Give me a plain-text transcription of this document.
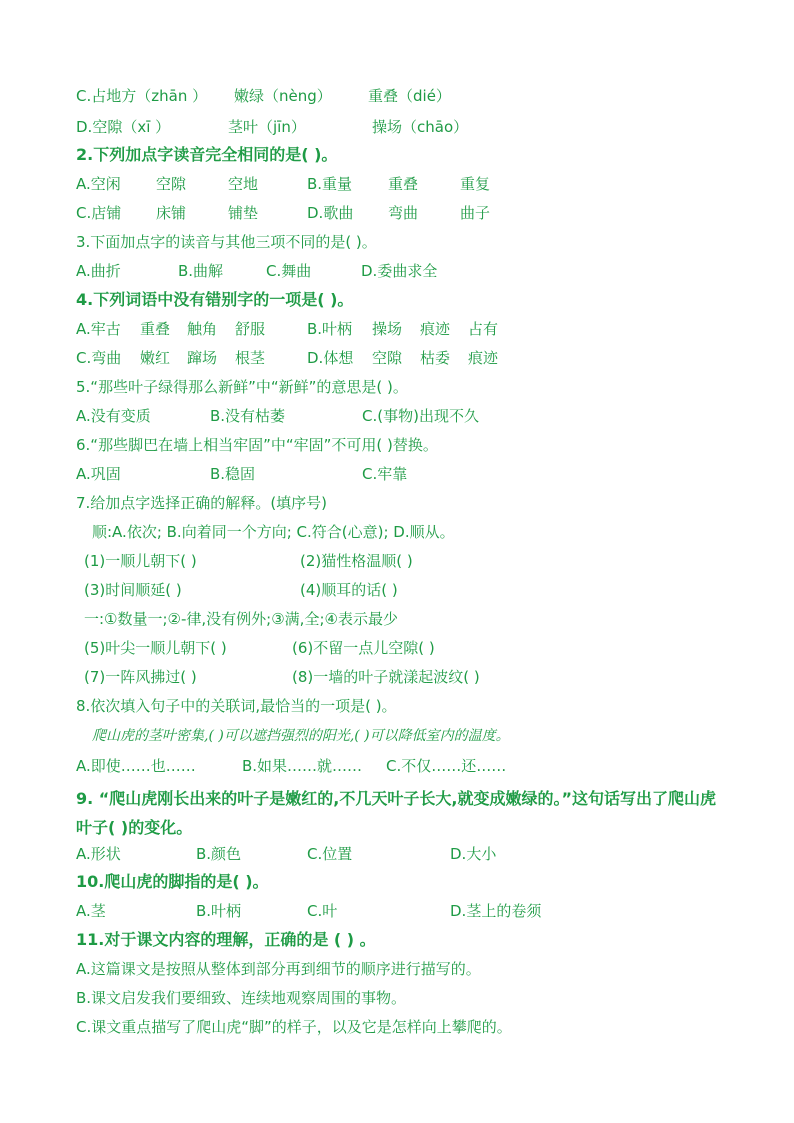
C.占地方（zhān ） 嫩绿（nèng） 重叠（dié）
D.空隙（xī ）	茎叶（jīn）	操场（chāo）
2.下列加点字读音完全相同的是( )。
A.空闲 空隙	空地	B.重量 重叠	重复
C.店铺 床铺	铺垫	D.歌曲 弯曲	曲子
3.下面加点字的读音与其他三项不同的是( )。
A.曲折	B.曲解	C.舞曲	D.委曲求全
4.下列词语中没有错别字的一项是( )。
A.牢古 重叠 触角 舒服	B.叶柄 操场 痕迹 占有
C.弯曲 嫩红 蹿场 根茎	D.体想 空隙 枯委 痕迹
5.“那些叶子绿得那么新鲜”中“新鲜”的意思是( )。
A.没有变质	B.没有枯萎	C.(事物)出现不久
6.“那些脚巴在墙上相当牢固”中“牢固”不可用( )替换。
A.巩固	B.稳固	C.牢靠
7.给加点字选择正确的解释。(填序号)
顺:A.依次; B.向着同一个方向; C.符合(心意); D.顺从。
(1)一顺儿朝下( )	(2)猫性格温顺( )
(3)时间顺延( )	(4)顺耳的话( )
一:①数量一;②-律,没有例外;③满,全;④表示最少
(5)叶尖一顺儿朝下( )	(6)不留一点儿空隙( )
(7)一阵风拂过( )	(8)一墙的叶子就漾起波纹( )
8.依次填入句子中的关联词,最恰当的一项是( )。
爬山虎的茎叶密集,( )可以遮挡强烈的阳光,( )可以降低室内的温度。
A.即使……也……	B.如果……就…… C.不仅……还……
9. “爬山虎刚长出来的叶子是嫩红的,不几天叶子长大,就变成嫩绿的。”这句话写出了爬山虎叶子( )的变化。
A.形状	B.颜色	C.位置	D.大小
10.爬山虎的脚指的是( )。
A.茎	B.叶柄	C.叶	D.茎上的卷须
11.对于课文内容的理解，正确的是 ( ) 。
A.这篇课文是按照从整体到部分再到细节的顺序进行描写的。
B.课文启发我们要细致、连续地观察周围的事物。
C.课文重点描写了爬山虎“脚”的样子，以及它是怎样向上攀爬的。
